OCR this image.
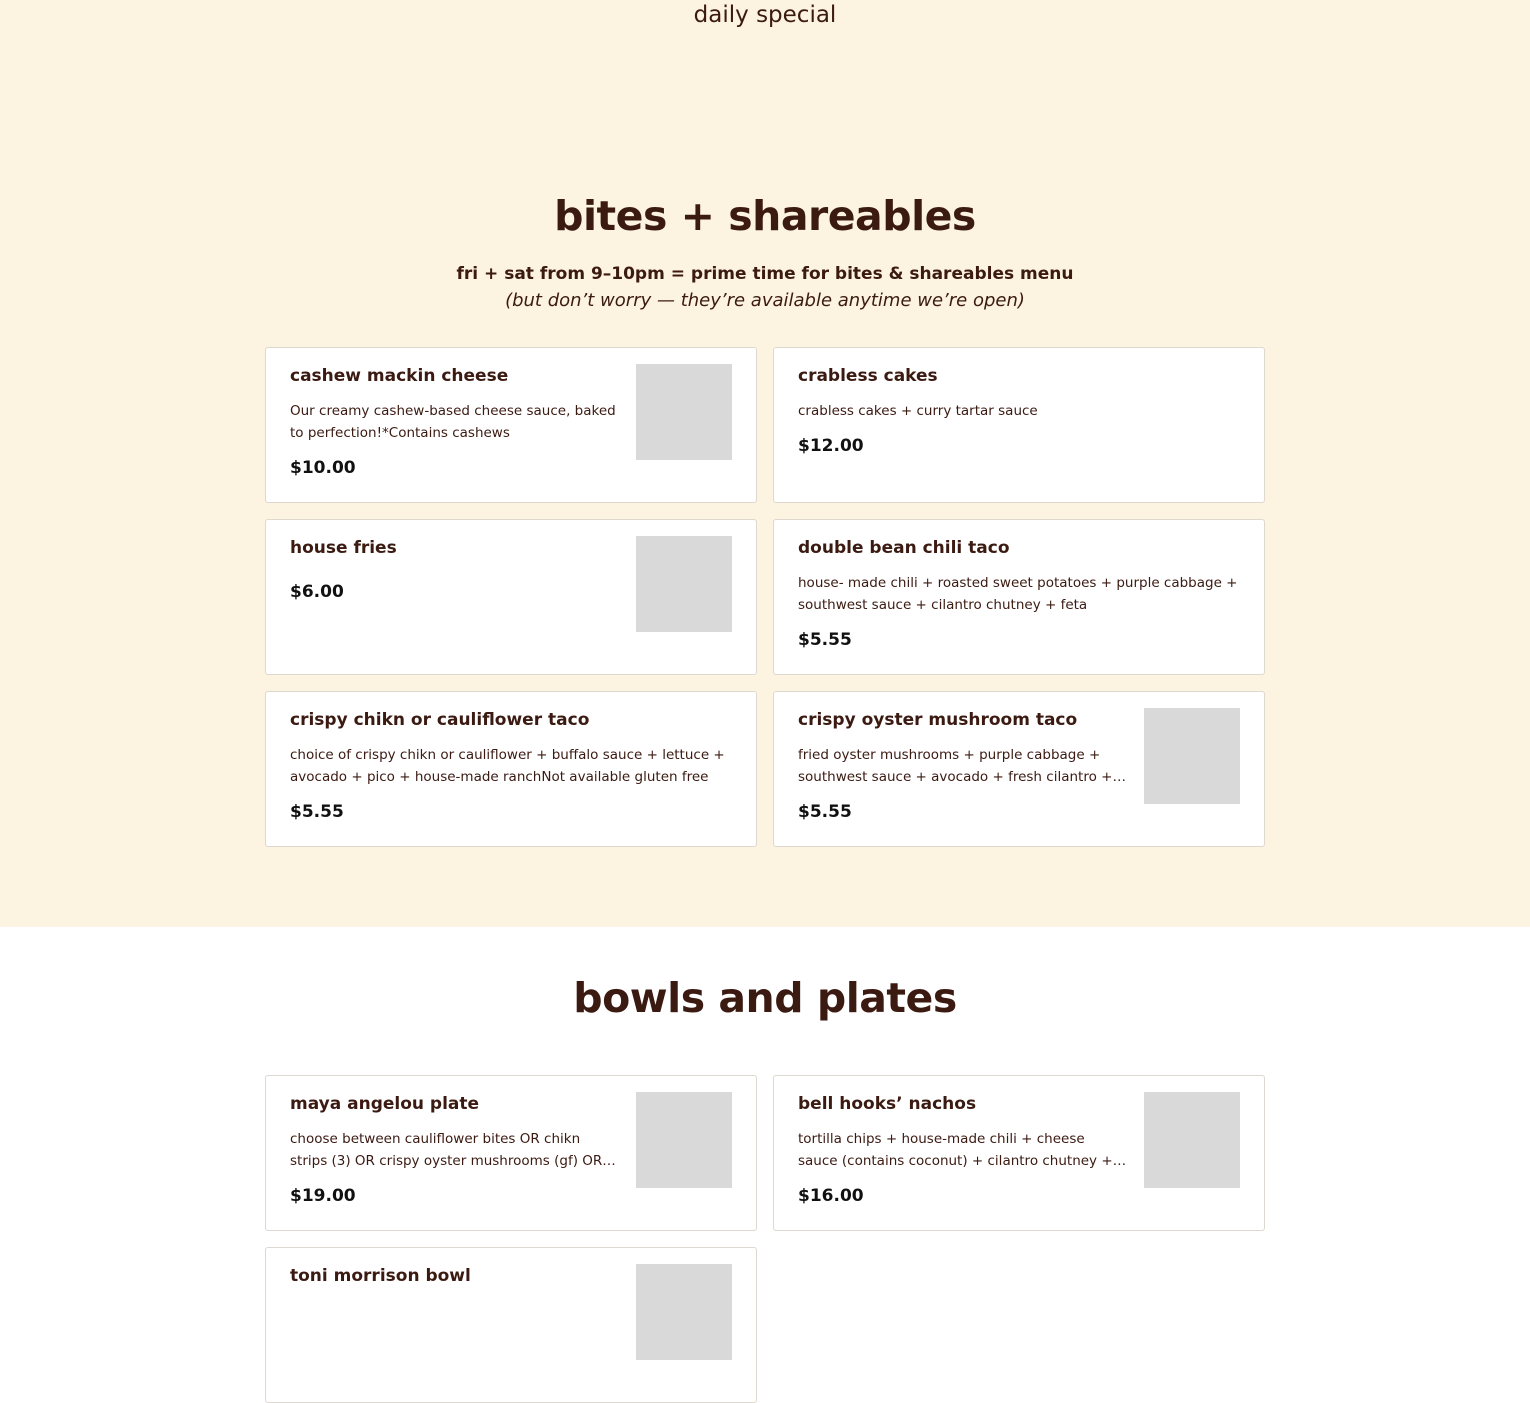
daily special
bites + shareables
fri + sat from 9–10pm = prime time for bites & shareables menu
(but don’t worry — they’re available anytime we’re open)
cashew mackin cheese
Our creamy cashew-based cheese sauce, baked to perfection!*Contains cashews
$10.00
crabless cakes
crabless cakes + curry tartar sauce
$12.00
house fries
$6.00
double bean chili taco
house- made chili + roasted sweet potatoes + purple cabbage + southwest sauce + cilantro chutney + feta
$5.55
crispy chikn or cauliflower taco
choice of crispy chikn or cauliflower + buffalo sauce + lettuce + avocado + pico + house-made ranchNot available gluten free
$5.55
crispy oyster mushroom taco
fried oyster mushrooms + purple cabbage + southwest sauce + avocado + fresh cilantro +
$5.55
bowls and plates
maya angelou plate
choose between cauliflower bites OR chikn strips (3) OR crispy oyster mushrooms (gf) OR
$19.00
bell hooks’ nachos
tortilla chips + house-made chili + cheese sauce (contains coconut) + cilantro chutney +
$16.00
toni morrison bowl
